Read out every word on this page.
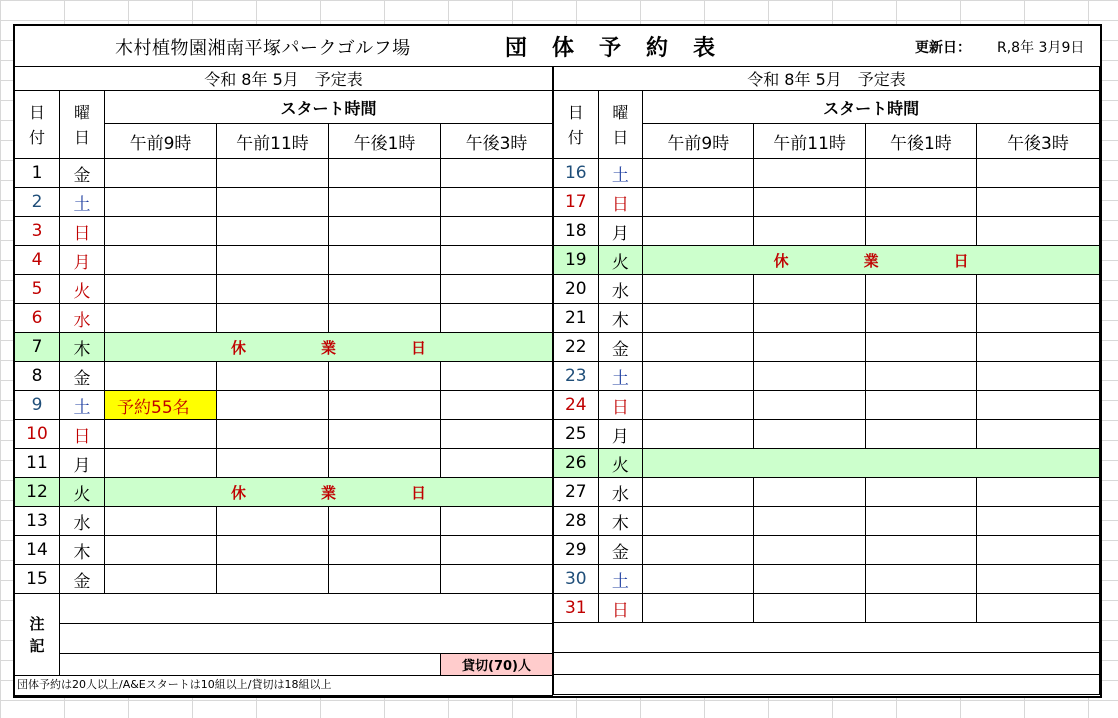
木村植物園湘南平塚パークゴルフ場	団体予約表	更新日： R,8年 3月9日
令和 8年 5月　予定表					
日
付	曜
日	スタート時間			
		午前9時	午前11時	午後1時	午後3時
1	金				
2	土				
3	日				
4	月				
5	火				
6	水				
7	木	休　業　日			
8	金				
9	土	予約55名			
10	日				
11	月				
12	火	休　業　日			
13	水				
14	木				
15	金				
注
記					

					貸切(70)人
団体予約は20人以上/A&Eスタートは10組以上/貸切は18組以上					
令和 8年 5月　予定表					
日
付	曜
日	スタート時間			
		午前9時	午前11時	午後1時	午後3時
16	土				
17	日				
18	月				
19	火	休　業　日			
20	水				
21	木				
22	金				
23	土				
24	日				
25	月				
26	火				
27	水				
28	木				
29	金				
30	土				
31	日				
